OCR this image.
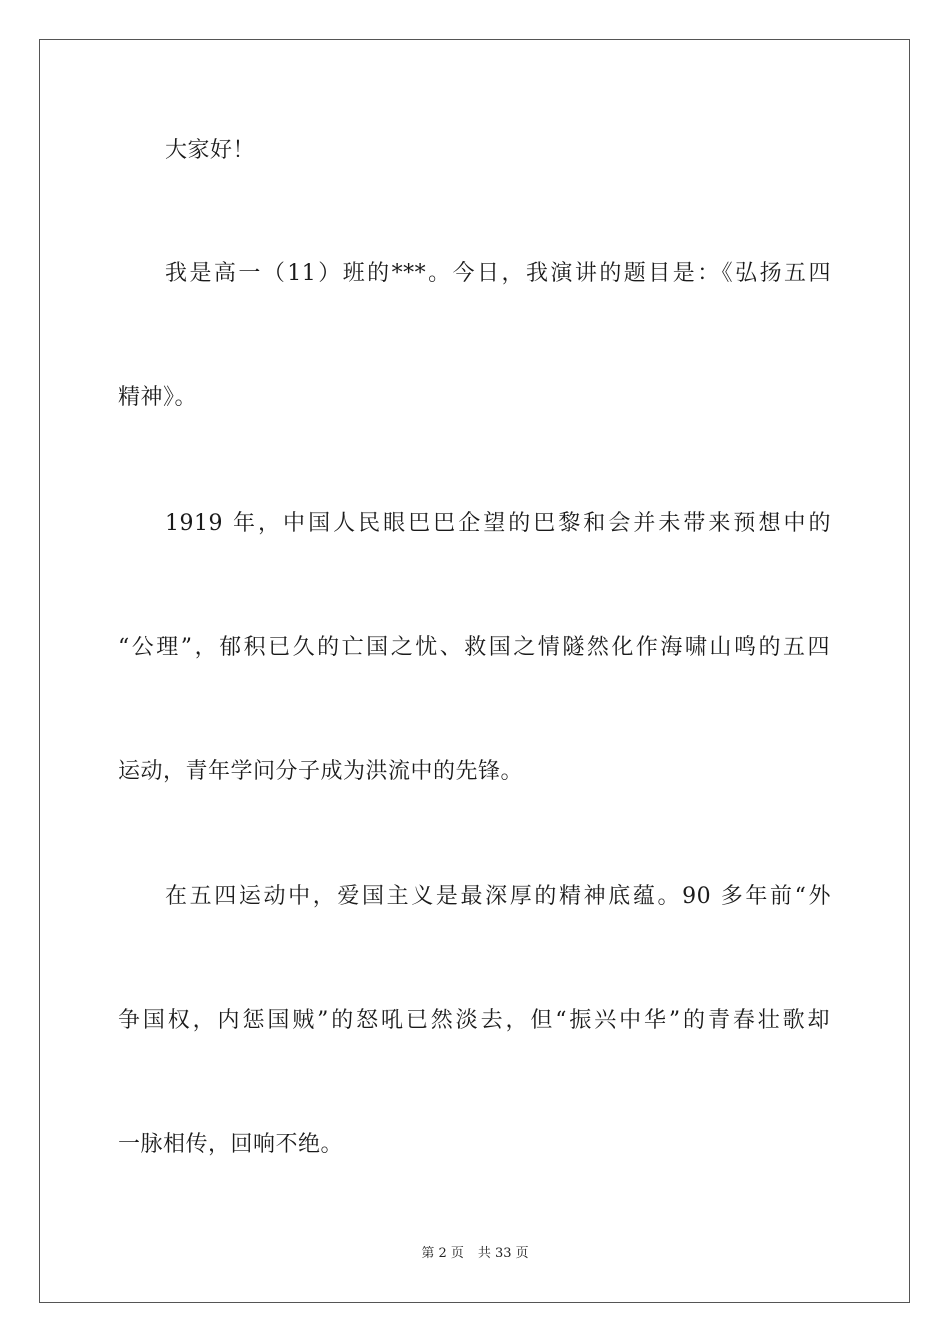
大家好！
我是高一（11）班的***。今日，我演讲的题目是：《弘扬五四
精神》。
1919 年，中国人民眼巴巴企望的巴黎和会并未带来预想中的
“公理”，郁积已久的亡国之忧、救国之情隧然化作海啸山鸣的五四
运动，青年学问分子成为洪流中的先锋。
在五四运动中，爱国主义是最深厚的精神底蕴。90 多年前“外
争国权，内惩国贼”的怒吼已然淡去，但“振兴中华”的青春壮歌却
一脉相传，回响不绝。
第 2 页 共 33 页
